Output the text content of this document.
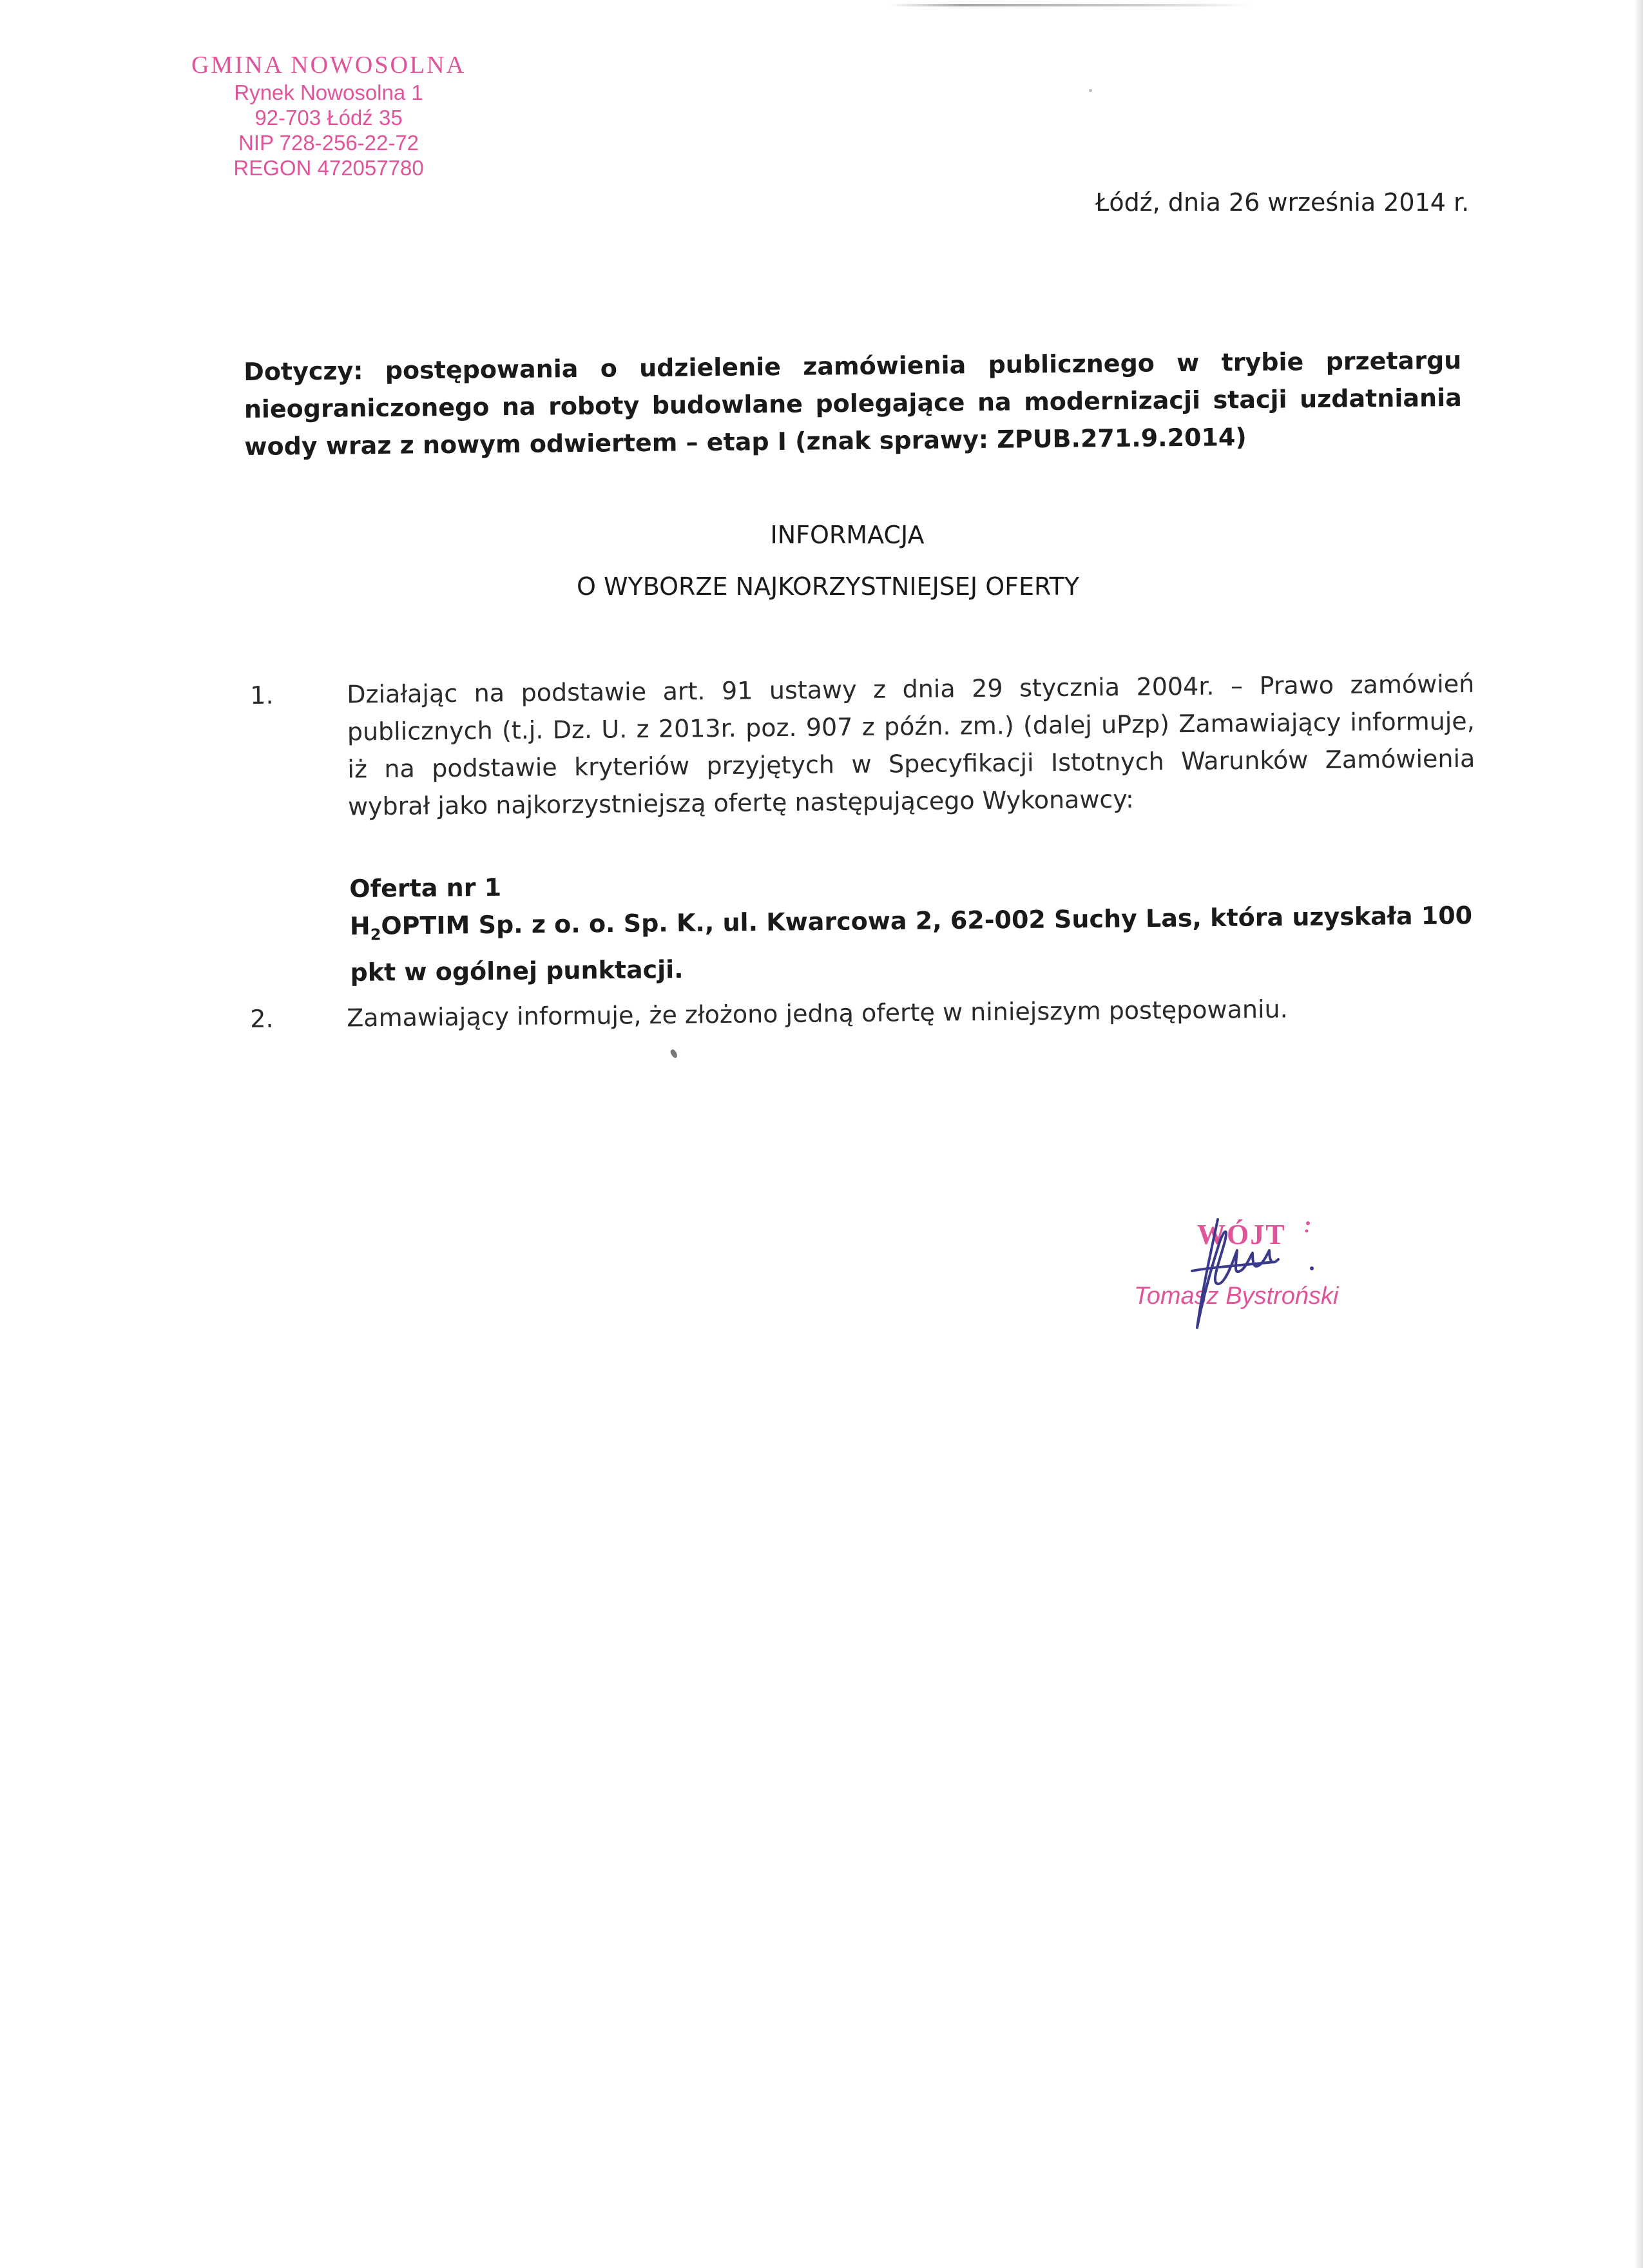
GMINA NOWOSOLNA
Rynek Nowosolna 1
92-703 Łódź 35
NIP 728-256-22-72
REGON 472057780
Łódź, dnia 26 września 2014 r.
Dotyczy: postępowania o udzielenie zamówienia publicznego w trybie przetargu nieograniczonego na roboty budowlane polegające na modernizacji stacji uzdatniania wody wraz z nowym odwiertem – etap I (znak sprawy: ZPUB.271.9.2014)
INFORMACJA
O WYBORZE NAJKORZYSTNIEJSEJ OFERTY
1.	Działając na podstawie art. 91 ustawy z dnia 29 stycznia 2004r. – Prawo zamówień publicznych (t.j. Dz. U. z 2013r. poz. 907 z późn. zm.) (dalej uPzp) Zamawiający informuje, iż na podstawie kryteriów przyjętych w Specyfikacji Istotnych Warunków Zamówienia wybrał jako najkorzystniejszą ofertę następującego Wykonawcy:
Oferta nr 1
$H_2OPTIM$ Sp. z o. o. Sp. K., ul. Kwarcowa 2, 62-002 Suchy Las, która uzyskała 100 pkt w ogólnej punktacji.
2.	Zamawiający informuje, że złożono jedną ofertę w niniejszym postępowaniu.
WÓJT
Tomasz Bystroński
